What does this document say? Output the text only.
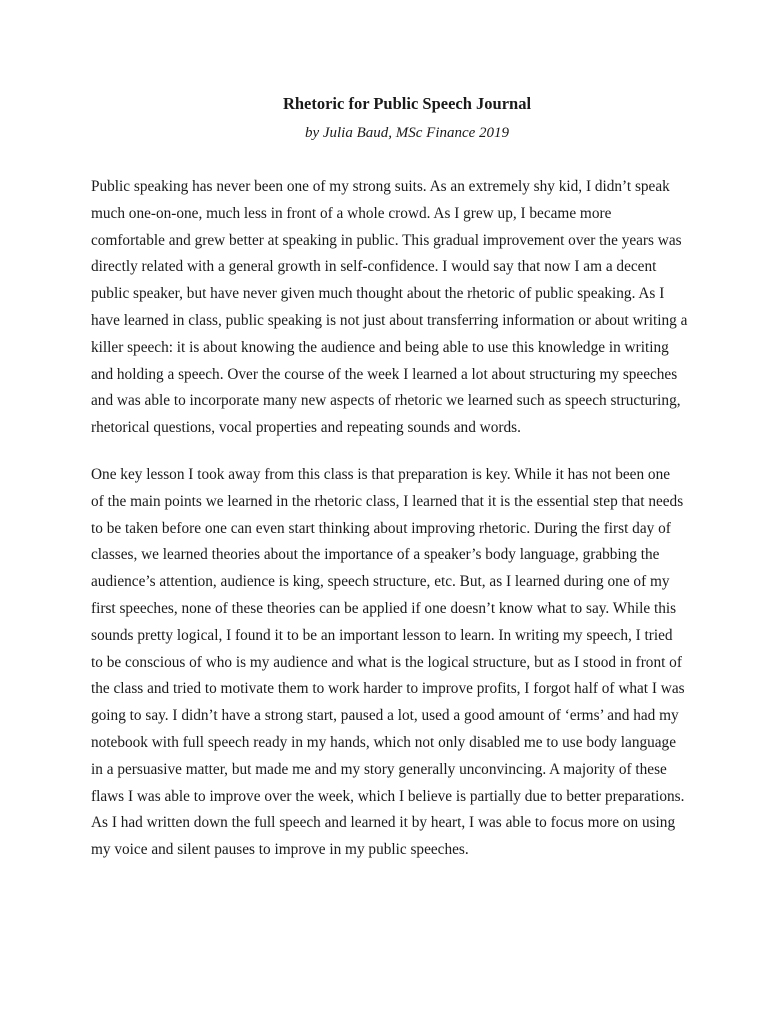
Rhetoric for Public Speech Journal

by Julia Baud, MSc Finance 2019

Public speaking has never been one of my strong suits. As an extremely shy kid, I didn’t speak
much one-on-one, much less in front of a whole crowd. As I grew up, I became more
comfortable and grew better at speaking in public. This gradual improvement over the years was
directly related with a general growth in self-confidence. I would say that now I am a decent
public speaker, but have never given much thought about the rhetoric of public speaking. As I
have learned in class, public speaking is not just about transferring information or about writing a
killer speech: it is about knowing the audience and being able to use this knowledge in writing
and holding a speech. Over the course of the week I learned a lot about structuring my speeches
and was able to incorporate many new aspects of rhetoric we learned such as speech structuring,
rhetorical questions, vocal properties and repeating sounds and words.
One key lesson I took away from this class is that preparation is key. While it has not been one
of the main points we learned in the rhetoric class, I learned that it is the essential step that needs
to be taken before one can even start thinking about improving rhetoric. During the first day of
classes, we learned theories about the importance of a speaker’s body language, grabbing the
audience’s attention, audience is king, speech structure, etc. But, as I learned during one of my
first speeches, none of these theories can be applied if one doesn’t know what to say. While this
sounds pretty logical, I found it to be an important lesson to learn. In writing my speech, I tried
to be conscious of who is my audience and what is the logical structure, but as I stood in front of
the class and tried to motivate them to work harder to improve profits, I forgot half of what I was
going to say. I didn’t have a strong start, paused a lot, used a good amount of ‘erms’ and had my
notebook with full speech ready in my hands, which not only disabled me to use body language
in a persuasive matter, but made me and my story generally unconvincing. A majority of these
flaws I was able to improve over the week, which I believe is partially due to better preparations.
As I had written down the full speech and learned it by heart, I was able to focus more on using
my voice and silent pauses to improve in my public speeches.
